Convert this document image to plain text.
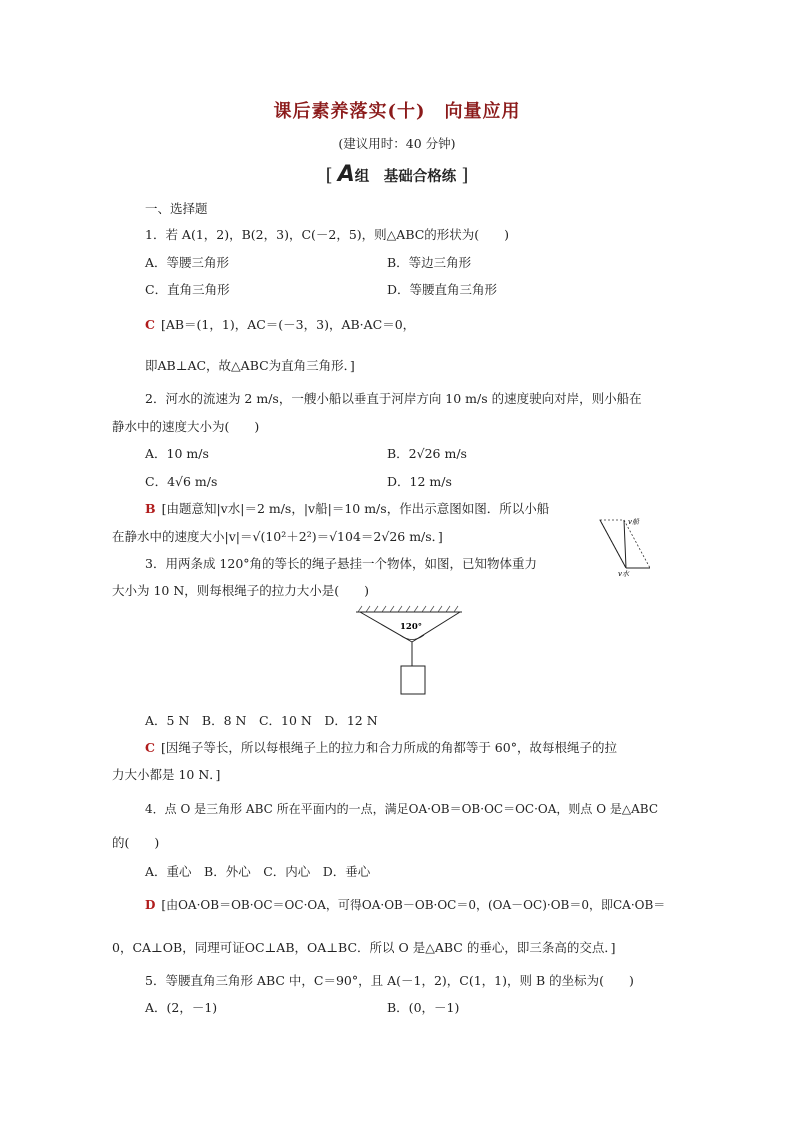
课后素养落实(十)　向量应用
(建议用时：40 分钟)
[ A组　基础合格练 ]
一、选择题
1．若 A(1，2)，B(2，3)，C(－2，5)，则△ABC的形状为(　　)
A．等腰三角形	B．等边三角形
C．直角三角形	D．等腰直角三角形
C [AB＝(1，1)，AC＝(－3，3)，AB·AC＝0，
即AB⊥AC，故△ABC为直角三角形．]
2．河水的流速为 2 m/s，一艘小船以垂直于河岸方向 10 m/s 的速度驶向对岸，则小船在
静水中的速度大小为(　　)
A．10 m/s	B．2√26 m/s
C．4√6 m/s	D．12 m/s
B [由题意知|v水|＝2 m/s，|v船|＝10 m/s，作出示意图如图．所以小船
在静水中的速度大小|v|＝√(10²＋2²)＝√104＝2√26 m/s．]
v船
v水
3．用两条成 120°角的等长的绳子悬挂一个物体，如图，已知物体重力
大小为 10 N，则每根绳子的拉力大小是(　　)
120°
A．5 N　B．8 N　C．10 N　D．12 N
C [因绳子等长，所以每根绳子上的拉力和合力所成的角都等于 60°，故每根绳子的拉
力大小都是 10 N．]
4．点 O 是三角形 ABC 所在平面内的一点，满足OA·OB＝OB·OC＝OC·OA，则点 O 是△ABC
的(　　)
A．重心　B．外心　C．内心　D．垂心
D [由OA·OB＝OB·OC＝OC·OA，可得OA·OB－OB·OC＝0，(OA－OC)·OB＝0，即CA·OB＝
0，CA⊥OB，同理可证OC⊥AB，OA⊥BC．所以 O 是△ABC 的垂心，即三条高的交点．]
5．等腰直角三角形 ABC 中，C＝90°，且 A(－1，2)，C(1，1)，则 B 的坐标为(　　)
A．(2，－1)	B．(0，－1)
